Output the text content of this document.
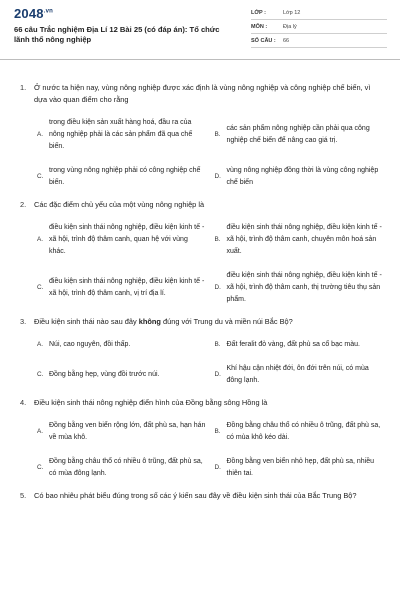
$2048^{.vn}$
66 câu Trắc nghiệm Địa Lí 12 Bài 25 (có đáp án): Tổ chức lãnh thổ nông nghiệp
LỚP :	Lớp 12
MÔN :	Địa lý
SỐ CÂU :	66
1.	Ở nước ta hiện nay, vùng nông nghiệp được xác định là vùng nông nghiệp và công nghiệp chế biến, vì dựa vào quan điểm cho rằng
A.
trong điều kiện sản xuất hàng hoá, đầu ra của nông nghiệp phải là các sản phẩm đã qua chế biến.
B.
các sản phẩm nông nghiệp cần phải qua công nghiệp chế biến để nâng cao giá trị.
C.
trong vùng nông nghiệp phải có công nghiệp chế biến.
D.
vùng nông nghiệp đồng thời là vùng công nghiệp chế biến
2.	Các đặc điểm chủ yếu của một vùng nông nghiệp là
A.
điều kiện sinh thái nông nghiệp, điều kiện kinh tế - xã hội, trình độ thâm canh, quan hệ với vùng khác.
B.
điều kiện sinh thái nông nghiệp, điều kiện kinh tế - xã hội, trình độ thâm canh, chuyên môn hoá sản xuất.
C.
điều kiện sinh thái nông nghiệp, điều kiện kinh tế - xã hội, trình độ thâm canh, vị trí địa lí.
D.
điều kiện sinh thái nông nghiệp, điều kiện kinh tế - xã hội, trình độ thâm canh, thị trường tiêu thụ sản phẩm.
3.	Điều kiện sinh thái nào sau đây không đúng với Trung du và miền núi Bắc Bộ?
A. Núi, cao nguyên, đồi thấp.	B. Đất feralit đỏ vàng, đất phù sa cổ bạc màu.
C. Đồng bằng hẹp, vùng đồi trước núi.	D.
Khí hậu cận nhiệt đới, ôn đới trên núi, có mùa đông lạnh.
4.	Điều kiện sinh thái nông nghiệp điển hình của Đồng bằng sông Hồng là
A.
Đồng bằng ven biển rộng lớn, đất phù sa, hạn hán về mùa khô.
B.
Đồng bằng châu thổ có nhiều ô trũng, đất phù sa, có mùa khô kéo dài.
C.
Đồng bằng châu thổ có nhiều ô trũng, đất phù sa, có mùa đông lạnh.
D.
Đồng bằng ven biển nhỏ hẹp, đất phù sa, nhiều thiên tai.
5.	Có bao nhiêu phát biểu đúng trong số các ý kiến sau đây về điều kiện sinh thái của Bắc Trung Bộ?
